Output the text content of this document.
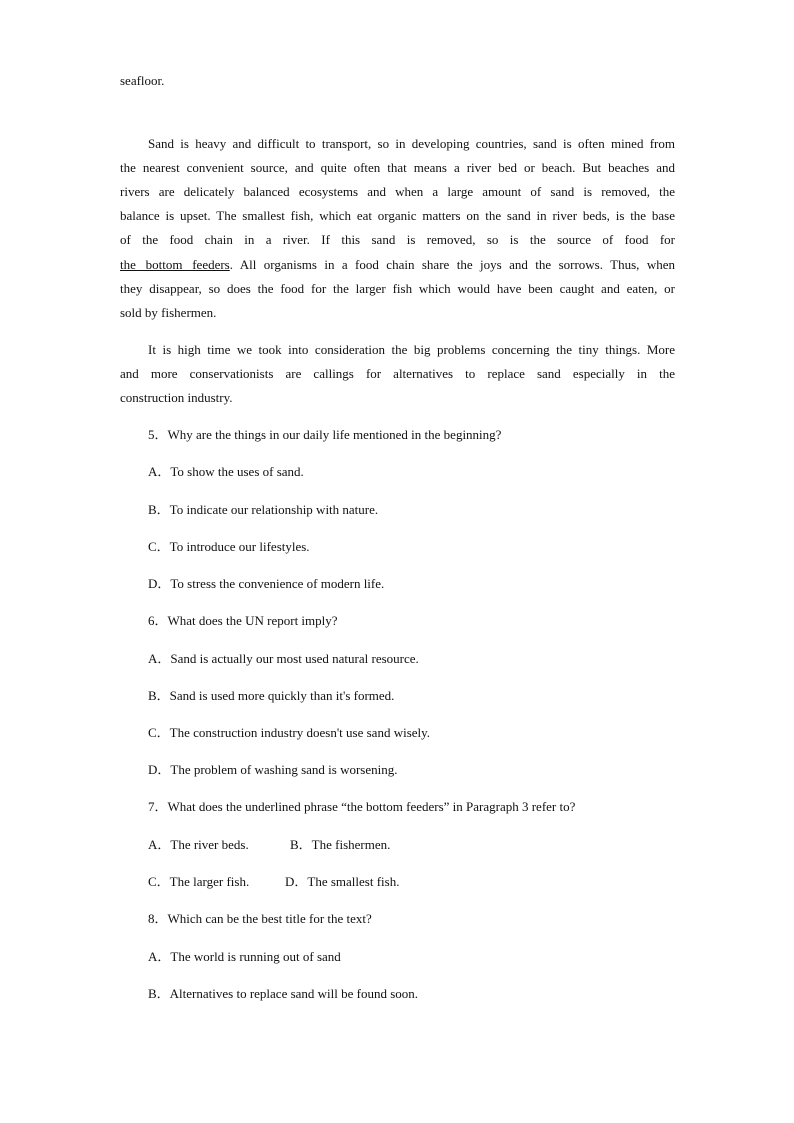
seafloor.
Sand is heavy and difficult to transport, so in developing countries, sand is often mined from
the nearest convenient source, and quite often that means a river bed or beach. But beaches and
rivers are delicately balanced ecosystems and when a large amount of sand is removed, the
balance is upset. The smallest fish, which eat organic matters on the sand in river beds, is the base
of the food chain in a river. If this sand is removed, so is the source of food for
the   bottom   feeders . All organisms in a food chain share the joys and the sorrows. Thus, when
they disappear, so does the food for the larger fish which would have been caught and eaten, or
sold by fishermen.
It is high time we took into consideration the big problems concerning the tiny things. More
and more conservationists are callings for alternatives to replace sand especially in the
construction industry.
5．Why are the things in our daily life mentioned in the beginning?
A．To show the uses of sand.
B．To indicate our relationship with nature.
C．To introduce our lifestyles.
D．To stress the convenience of modern life.
6．What does the UN report imply?
A．Sand is actually our most used natural resource.
B．Sand is used more quickly than it's formed.
C．The construction industry doesn't use sand wisely.
D．The problem of washing sand is worsening.
7．What does the underlined phrase “the bottom feeders” in Paragraph 3 refer to?
A．The river beds.	B．The fishermen.
C．The larger fish.	D．The smallest fish.
8．Which can be the best title for the text?
A．The world is running out of sand
B．Alternatives to replace sand will be found soon.
